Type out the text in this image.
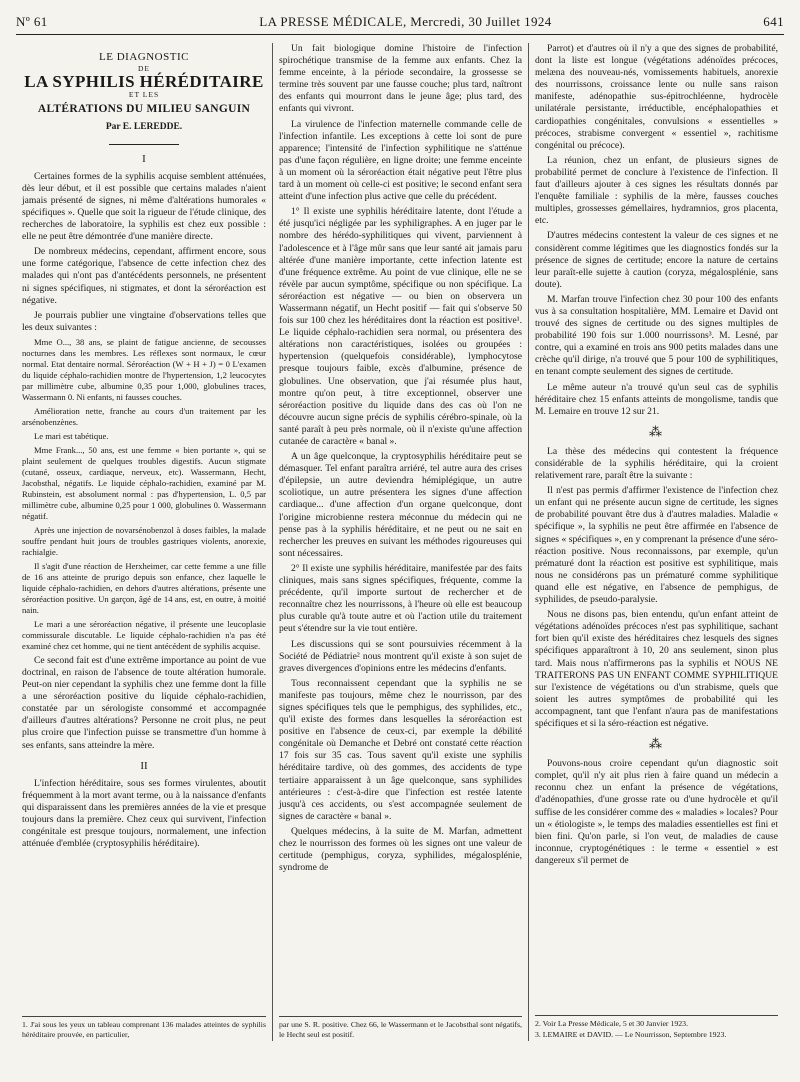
Nº 61	LA PRESSE MÉDICALE, Mercredi, 30 Juillet 1924	641
LE DIAGNOSTIC
DE
LA SYPHILIS HÉRÉDITAIRE
ET LES
ALTÉRATIONS DU MILIEU SANGUIN
Par E. LEREDDE.
I

Certaines formes de la syphilis acquise semblent atténuées, dès leur début, et il est possible que certains malades n'aient jamais présenté de signes, ni même d'altérations humorales « spécifiques ». Quelle que soit la rigueur de l'étude clinique, des recherches de laboratoire, la syphilis est chez eux possible : elle ne peut être démontrée d'une manière directe.

De nombreux médecins, cependant, affirment encore, sous une forme catégorique, l'absence de cette infection chez des malades qui n'ont pas d'antécédents personnels, ne présentent ni signes spécifiques, ni stigmates, et dont la séroréaction est négative.

Je pourrais publier une vingtaine d'observations telles que les deux suivantes :

Mme O..., 38 ans, se plaint de fatigue ancienne, de secousses nocturnes dans les membres. Les réflexes sont normaux, le cœur normal. Etat dentaire normal. Séroréaction (W + H + J) = 0 L'examen du liquide céphalo-rachidien montre de l'hypertension, 1,2 leucocytes par millimètre cube, albumine 0,35 pour 1,000, globulines traces, Wassermann 0. Ni enfants, ni fausses couches.

Amélioration nette, franche au cours d'un traitement par les arsénobenzènes.

Le mari est tabétique.

Mme Frank..., 50 ans, est une femme « bien portante », qui se plaint seulement de quelques troubles digestifs. Aucun stigmate (cutané, osseux, cardiaque, nerveux, etc). Wassermann, Hecht, Jacobsthal, négatifs. Le liquide céphalo-rachidien, examiné par M. Rubinstein, est absolument normal : pas d'hypertension, L. 0,5 par millimètre cube, albumine 0,25 pour 1 000, globulines 0. Wassermann négatif.

Après une injection de novarsénobenzol à doses faibles, la malade souffre pendant huit jours de troubles gastriques violents, anorexie, rachialgie.

Il s'agit d'une réaction de Herxheimer, car cette femme a une fille de 16 ans atteinte de prurigo depuis son enfance, chez laquelle le liquide céphalo-rachidien, en dehors d'autres altérations, présente une séroréaction positive. Un garçon, âgé de 14 ans, est, en outre, à moitié nain.

Le mari a une séroréaction négative, il présente une leucoplasie commissurale discutable. Le liquide céphalo-rachidien n'a pas été examiné chez cet homme, qui ne tient antécédent de syphilis acquise.

Ce second fait est d'une extrême importance au point de vue doctrinal, en raison de l'absence de toute altération humorale. Peut-on nier cependant la syphilis chez une femme dont la fille a une séroréaction positive du liquide céphalo-rachidien, constatée par un sérologiste consommé et accompagnée d'ailleurs d'autres altérations? Personne ne croit plus, ne peut plus croire que l'infection puisse se transmettre d'un homme à ses enfants, sans atteindre la mère.

II

L'infection héréditaire, sous ses formes virulentes, aboutit fréquemment à la mort avant terme, ou à la naissance d'enfants qui disparaissent dans les premières années de la vie et presque toujours dans la première. Chez ceux qui survivent, l'infection congénitale est presque toujours, normalement, une infection atténuée d'emblée (cryptosyphilis héréditaire).

1. J'ai sous les yeux un tableau comprenant 136 malades atteintes de syphilis héréditaire prouvée, en particulier,

Un fait biologique domine l'histoire de l'infection spirochétique transmise de la femme aux enfants. Chez la femme enceinte, à la période secondaire, la grossesse se termine très souvent par une fausse couche; plus tard, naîtront des enfants qui mourront dans le jeune âge; plus tard, des enfants qui vivront.

La virulence de l'infection maternelle commande celle de l'infection infantile. Les exceptions à cette loi sont de pure apparence; l'intensité de l'infection syphilitique ne s'atténue pas d'une façon régulière, en ligne droite; une femme enceinte à un moment où la séroréaction était négative peut l'être plus tard à un moment où celle-ci est positive; le second enfant sera atteint d'une infection plus active que celle du précédent.

1° Il existe une syphilis héréditaire latente, dont l'étude a été jusqu'ici négligée par les syphiligraphes. A en juger par le nombre des hérédo-syphilitiques qui vivent, parviennent à l'adolescence et à l'âge mûr sans que leur santé ait jamais paru altérée d'une manière importante, cette infection latente est d'une fréquence extrême. Au point de vue clinique, elle ne se révèle par aucun symptôme, spécifique ou non spécifique. La séroréaction est négative — ou bien on observera un Wassermann négatif, un Hecht positif — fait qui s'observe 50 fois sur 100 chez les héréditaires dont la réaction est positive¹. Le liquide céphalo-rachidien sera normal, ou présentera des altérations non caractéristiques, isolées ou groupées : hypertension (quelquefois considérable), lymphocytose presque toujours faible, excès d'albumine, présence de globulines. Une observation, que j'ai résumée plus haut, montre qu'on peut, à titre exceptionnel, observer une séroréaction positive du liquide dans des cas où l'on ne découvre aucun signe précis de syphilis cérébro-spinale, où la santé paraît à peu près normale, où il n'existe qu'une affection cutanée de caractère « banal ».

A un âge quelconque, la cryptosyphilis héréditaire peut se démasquer. Tel enfant paraîtra arriéré, tel autre aura des crises d'épilepsie, un autre deviendra hémiplégique, un autre scoliotique, un autre présentera les signes d'une affection cardiaque... d'une affection d'un organe quelconque, dont l'origine microbienne restera méconnue du médecin qui ne pense pas à la syphilis héréditaire, et ne peut ou ne sait en rechercher les preuves en suivant les méthodes rigoureuses qui sont nécessaires.

2° Il existe une syphilis héréditaire, manifestée par des faits cliniques, mais sans signes spécifiques, fréquente, comme la précédente, qu'il importe surtout de rechercher et de reconnaître chez les nourrissons, à l'heure où elle est beaucoup plus curable qu'à toute autre et où l'action utile du traitement peut s'étendre sur la vie tout entière.

Les discussions qui se sont poursuivies récemment à la Société de Pédiatrie² nous montrent qu'il existe à son sujet de graves divergences d'opinions entre les médecins d'enfants.

Tous reconnaissent cependant que la syphilis ne se manifeste pas toujours, même chez le nourrisson, par des signes spécifiques tels que le pemphigus, des syphilides, etc., qu'il existe des formes dans lesquelles la séroréaction est positive en l'absence de ceux-ci, par exemple la débilité congénitale où Demanche et Debré ont constaté cette réaction 17 fois sur 35 cas. Tous savent qu'il existe une syphilis héréditaire tardive, où des gommes, des accidents de type tertiaire apparaissent à un âge quelconque, sans syphilides antérieures : c'est-à-dire que l'infection est restée latente jusqu'à ces accidents, ou s'est accompagnée seulement de signes de caractère « banal ».

Quelques médecins, à la suite de M. Marfan, admettent chez le nourrisson des formes où les signes ont une valeur de certitude (pemphigus, coryza, syphilides, mégalosplénie, syndrome de

par une S. R. positive. Chez 66, le Wassermann et le Jacobsthal sont négatifs, le Hecht seul est positif.

Parrot) et d'autres où il n'y a que des signes de probabilité, dont la liste est longue (végétations adénoïdes précoces, melæna des nouveau-nés, vomissements habituels, anorexie des nourrissons, croissance lente ou nulle sans raison manifeste, adénopathie sus-épitrochléenne, hydrocèle unilatérale persistante, irréductible, encéphalopathies et cardiopathies congénitales, convulsions « essentielles » précoces, strabisme convergent « essentiel », rachitisme congénital ou précoce).

La réunion, chez un enfant, de plusieurs signes de probabilité permet de conclure à l'existence de l'infection. Il faut d'ailleurs ajouter à ces signes les résultats donnés par l'enquête familiale : syphilis de la mère, fausses couches multiples, grossesses gémellaires, hydramnios, gros placenta, etc.

D'autres médecins contestent la valeur de ces signes et ne considèrent comme légitimes que les diagnostics fondés sur la présence de signes de certitude; encore la nature de certains leur paraît-elle sujette à caution (coryza, mégalosplénie, sans doute).

M. Marfan trouve l'infection chez 30 pour 100 des enfants vus à sa consultation hospitalière, MM. Lemaire et David ont trouvé des signes de certitude ou des signes multiples de probabilité 190 fois sur 1.000 nourrissons³. M. Lesné, par contre, qui a examiné en trois ans 900 petits malades dans une crèche qu'il dirige, n'a trouvé que 5 pour 100 de syphilitiques, en tenant compte seulement des signes de certitude.

Le même auteur n'a trouvé qu'un seul cas de syphilis héréditaire chez 15 enfants atteints de mongolisme, tandis que M. Lemaire en trouve 12 sur 21.

⁂

La thèse des médecins qui contestent la fréquence considérable de la syphilis héréditaire, qui la croient relativement rare, paraît être la suivante :

Il n'est pas permis d'affirmer l'existence de l'infection chez un enfant qui ne présente aucun signe de certitude, les signes de probabilité pouvant être dus à d'autres maladies. Maladie « spécifique », la syphilis ne peut être affirmée en l'absence de signes « spécifiques », en y comprenant la présence d'une séro-réaction positive. Nous reconnaissons, par exemple, qu'un prématuré dont la réaction est positive est syphilitique, mais nous ne considérons pas un prématuré comme syphilitique quand elle est négative, en l'absence de pemphigus, de syphilides, de pseudo-paralysie.

Nous ne disons pas, bien entendu, qu'un enfant atteint de végétations adénoïdes précoces n'est pas syphilitique, sachant fort bien qu'il existe des héréditaires chez lesquels des signes spécifiques apparaîtront à 10, 20 ans seulement, sinon plus tard. Mais nous n'affirmerons pas la syphilis et NOUS NE TRAITERONS PAS UN ENFANT COMME SYPHILITIQUE sur l'existence de végétations ou d'un strabisme, quels que soient les autres symptômes de probabilité qui les accompagnent, tant que l'enfant n'aura pas de manifestations spécifiques et si la séro-réaction est négative.

⁂

Pouvons-nous croire cependant qu'un diagnostic soit complet, qu'il n'y ait plus rien à faire quand un médecin a reconnu chez un enfant la présence de végétations, d'adénopathies, d'une grosse rate ou d'une hydrocèle et qu'il suffise de les considérer comme des « maladies » locales? Pour un « étiologiste », le temps des maladies essentielles est fini et bien fini. Qu'on parle, si l'on veut, de maladies de cause inconnue, cryptogénétiques : le terme « essentiel » est dangereux s'il permet de

2. Voir La Presse Médicale, 5 et 30 Janvier 1923.
3. LEMAIRE et DAVID. — Le Nourrisson, Septembre 1923.
